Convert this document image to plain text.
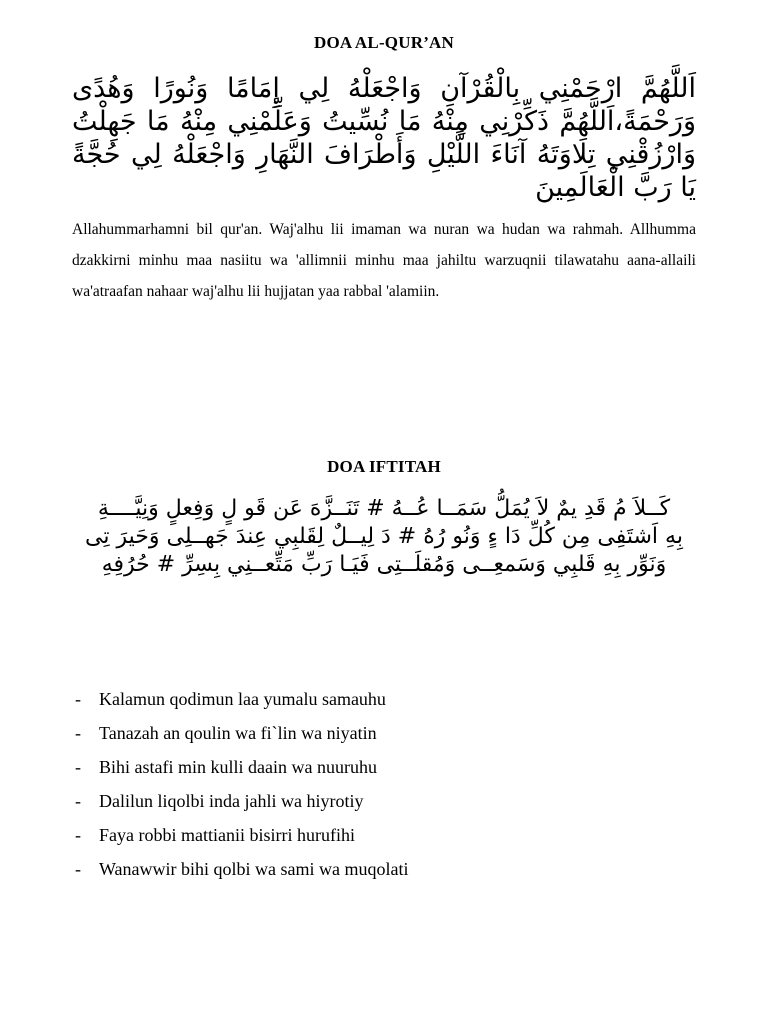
DOA AL-QUR’AN
اَللَّهُمَّ ارْحَمْنِي بِالْقُرْآنِ وَاجْعَلْهُ لِي إِمَامًا وَنُورًا وَهُدًى وَرَحْمَةً،اَللَّهُمَّ ذَكِّرْنِي مِنْهُ مَا نُسِّيتُ وَعَلِّمْنِي مِنْهُ مَا جَهِلْتُ وَارْزُقْنِي تِلَاوَتَهُ آنَاءَ اللَّيْلِ وَأَطْرَافَ النَّهَارِ وَاجْعَلْهُ لِي حُجَّةً يَا رَبَّ الْعَالَمِينَ
Allahummarhamni bil qur'an. Waj'alhu lii imaman wa nuran wa hudan wa rahmah. Allhumma dzakkirni minhu maa nasiitu wa 'allimnii minhu maa jahiltu warzuqnii tilawatahu aana-allaili wa'atraafan nahaar waj'alhu lii hujjatan yaa rabbal 'alamiin.
DOA IFTITAH
كَــلاَ مُ قَدِ يمٌ لاَ يُمَلُّ سَمَــا عُــهُ # تَنَــزَّهَ عَن قَو لٍ وَفِعلٍ وَنِيَّــــةِ
بِهِ اَشتَفِى مِن كُلِّ دَا ءٍ وَنُو رُهُ # دَ لِيــلٌ لِقَلبِي عِندَ جَهــلِى وَحَيرَ تِى
وَنَوِّر بِهِ قَلبِي وَسَمعِــى وَمُقلَــتِى فَيَـا رَبِّ مَتِّعــنِي بِسِرِّ # حُرُفِهِ
- Kalamun qodimun laa yumalu samauhu
- Tanazah an qoulin wa fi`lin wa niyatin
- Bihi astafi min kulli daain wa nuuruhu
- Dalilun liqolbi inda jahli wa hiyrotiy
- Faya robbi mattianii bisirri hurufihi
- Wanawwir bihi qolbi wa sami wa muqolati
